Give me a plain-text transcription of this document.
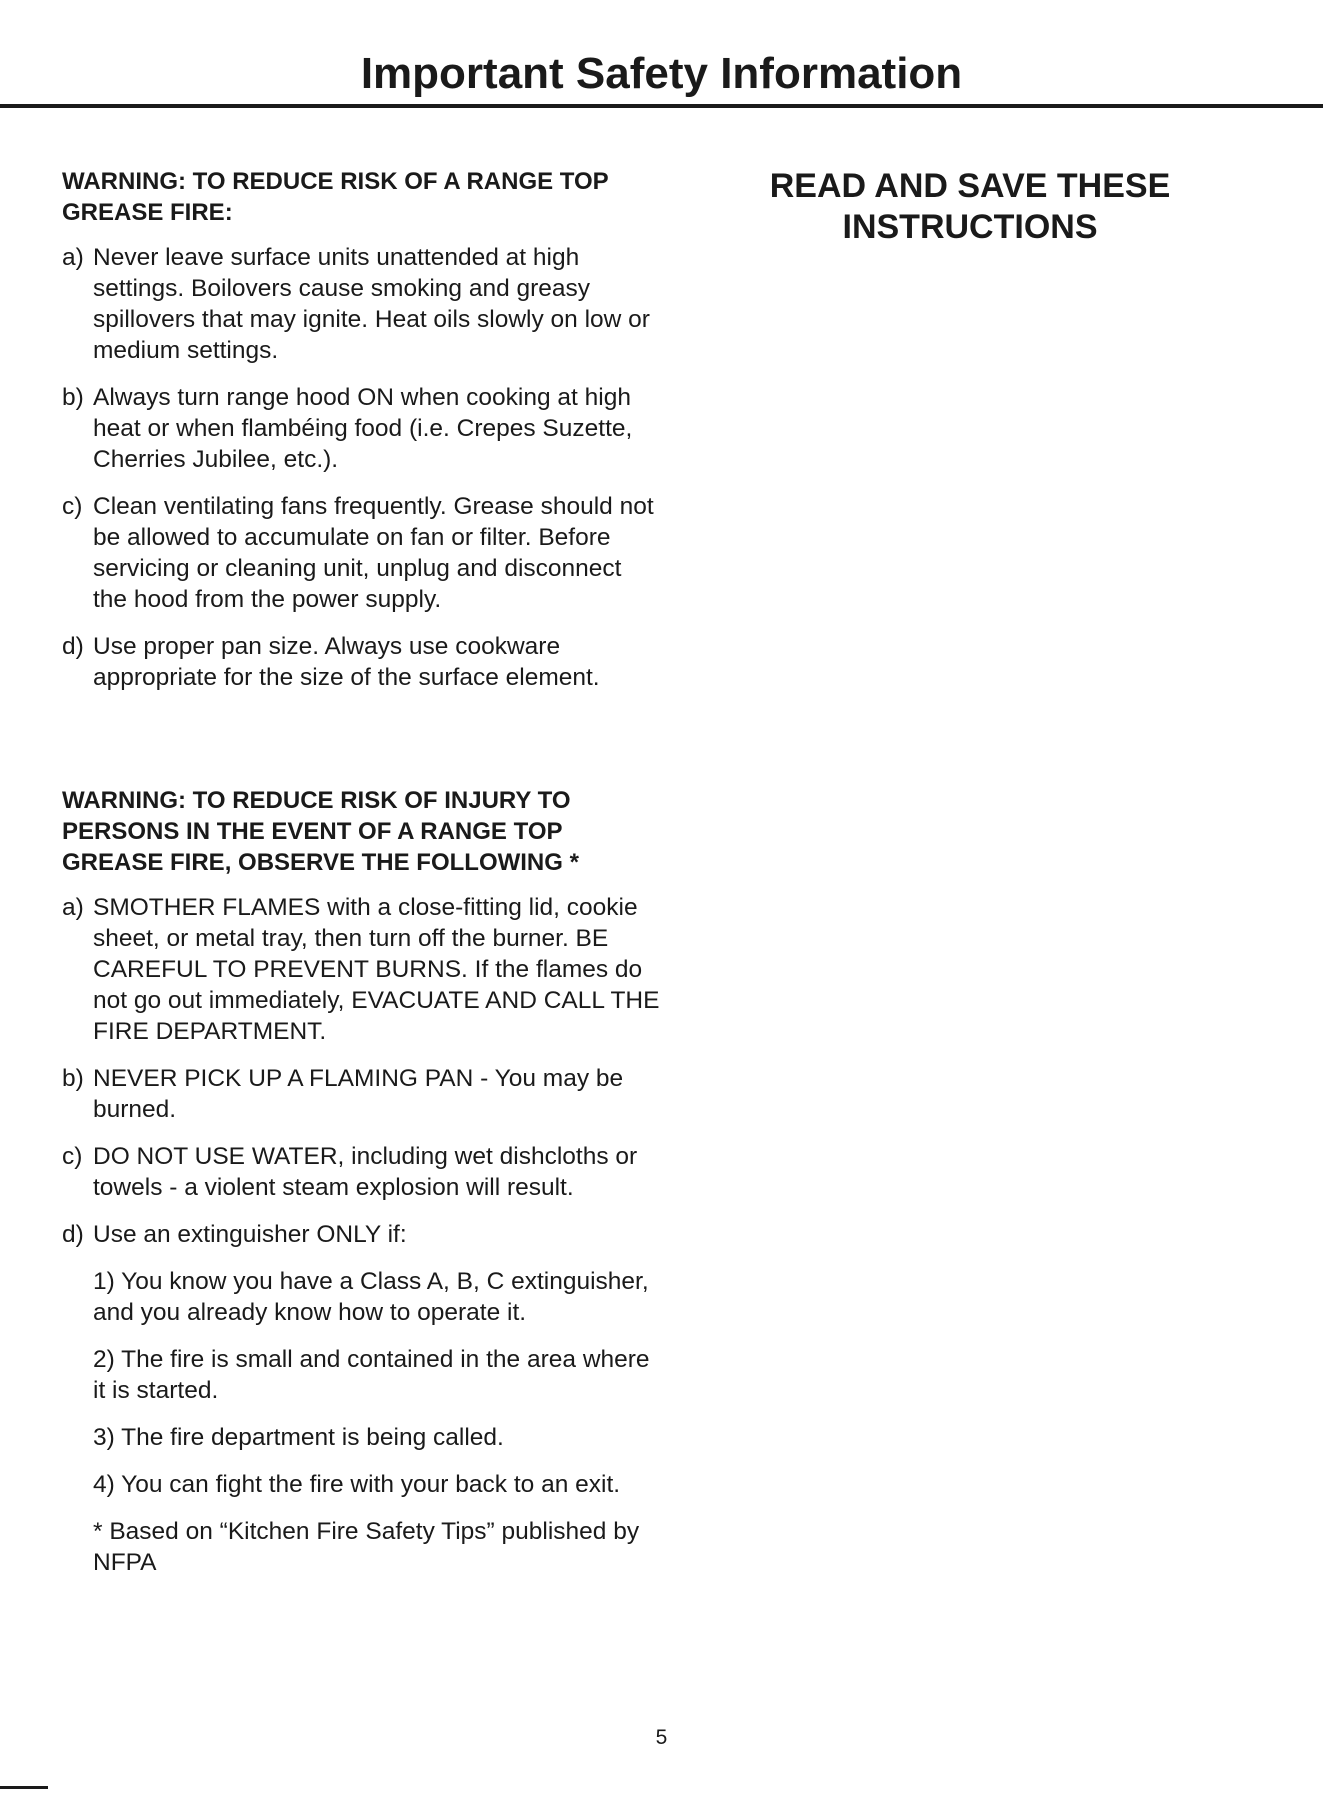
Important Safety Information

WARNING: TO REDUCE RISK OF A RANGE TOP GREASE FIRE:

a) Never leave surface units unattended at high settings. Boilovers cause smoking and greasy spillovers that may ignite. Heat oils slowly on low or medium settings.
b) Always turn range hood ON when cooking at high heat or when flambéing food (i.e. Crepes Suzette, Cherries Jubilee, etc.).
c) Clean ventilating fans frequently. Grease should not be allowed to accumulate on fan or filter. Before servicing or cleaning unit, unplug and disconnect the hood from the power supply.
d) Use proper pan size. Always use cookware appropriate for the size of the surface element.

WARNING: TO REDUCE RISK OF INJURY TO PERSONS IN THE EVENT OF A RANGE TOP GREASE FIRE, OBSERVE THE FOLLOWING *

a) SMOTHER FLAMES with a close-fitting lid, cookie sheet, or metal tray, then turn off the burner. BE CAREFUL TO PREVENT BURNS. If the flames do not go out immediately, EVACUATE AND CALL THE FIRE DEPARTMENT.
b) NEVER PICK UP A FLAMING PAN - You may be burned.
c) DO NOT USE WATER, including wet dishcloths or towels - a violent steam explosion will result.
d) Use an extinguisher ONLY if:

1) You know you have a Class A, B, C extinguisher, and you already know how to operate it.

2) The fire is small and contained in the area where it is started.

3) The fire department is being called.

4) You can fight the fire with your back to an exit.

* Based on “Kitchen Fire Safety Tips” published by NFPA

READ AND SAVE THESE

INSTRUCTIONS

5
